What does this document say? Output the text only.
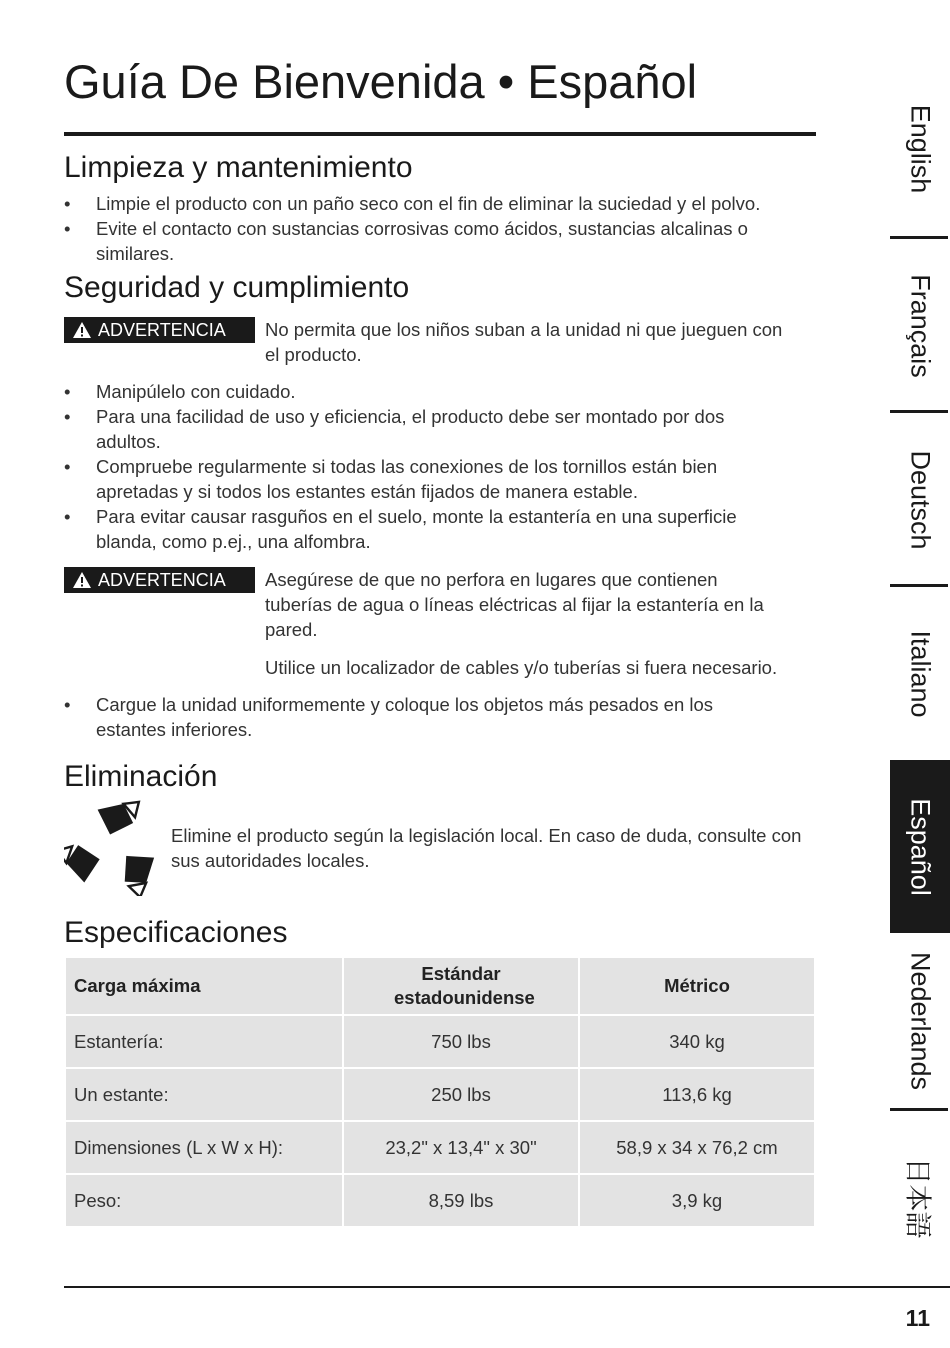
Guía De Bienvenida • Español
Limpieza y mantenimiento
• Limpie el producto con un paño seco con el fin de eliminar la suciedad y el polvo.
• Evite el contacto con sustancias corrosivas como ácidos, sustancias alcalinas o similares.
Seguridad y cumplimiento
ADVERTENCIA	No permita que los niños suban a la unidad ni que jueguen con el producto.

• Manipúlelo con cuidado.
• Para una facilidad de uso y eficiencia, el producto debe ser montado por dos adultos.
• Compruebe regularmente si todas las conexiones de los tornillos están bien apretadas y si todos los estantes están fijados de manera estable.
• Para evitar causar rasguños en el suelo, monte la estantería en una superficie blanda, como p.ej., una alfombra.
ADVERTENCIA	Asegúrese de que no perfora en lugares que contienen tuberías de agua o líneas eléctricas al fijar la estantería en la pared.

Utilice un localizador de cables y/o tuberías si fuera necesario.

• Cargue la unidad uniformemente y coloque los objetos más pesados en los estantes inferiores.
Eliminación

Elimine el producto según la legislación local. En caso de duda, consulte con sus autoridades locales.

Especificaciones
Carga máxima	Estándar estadounidense	Métrico
Estantería:	750 lbs	340 kg
Un estante:	250 lbs	113,6 kg
Dimensiones (L x W x H):	23,2" x 13,4" x 30"	58,9 x 34 x 76,2 cm
Peso:	8,59 lbs	3,9 kg
English
Français
Deutsch
Italiano
Español
Nederlands
日本語
11
